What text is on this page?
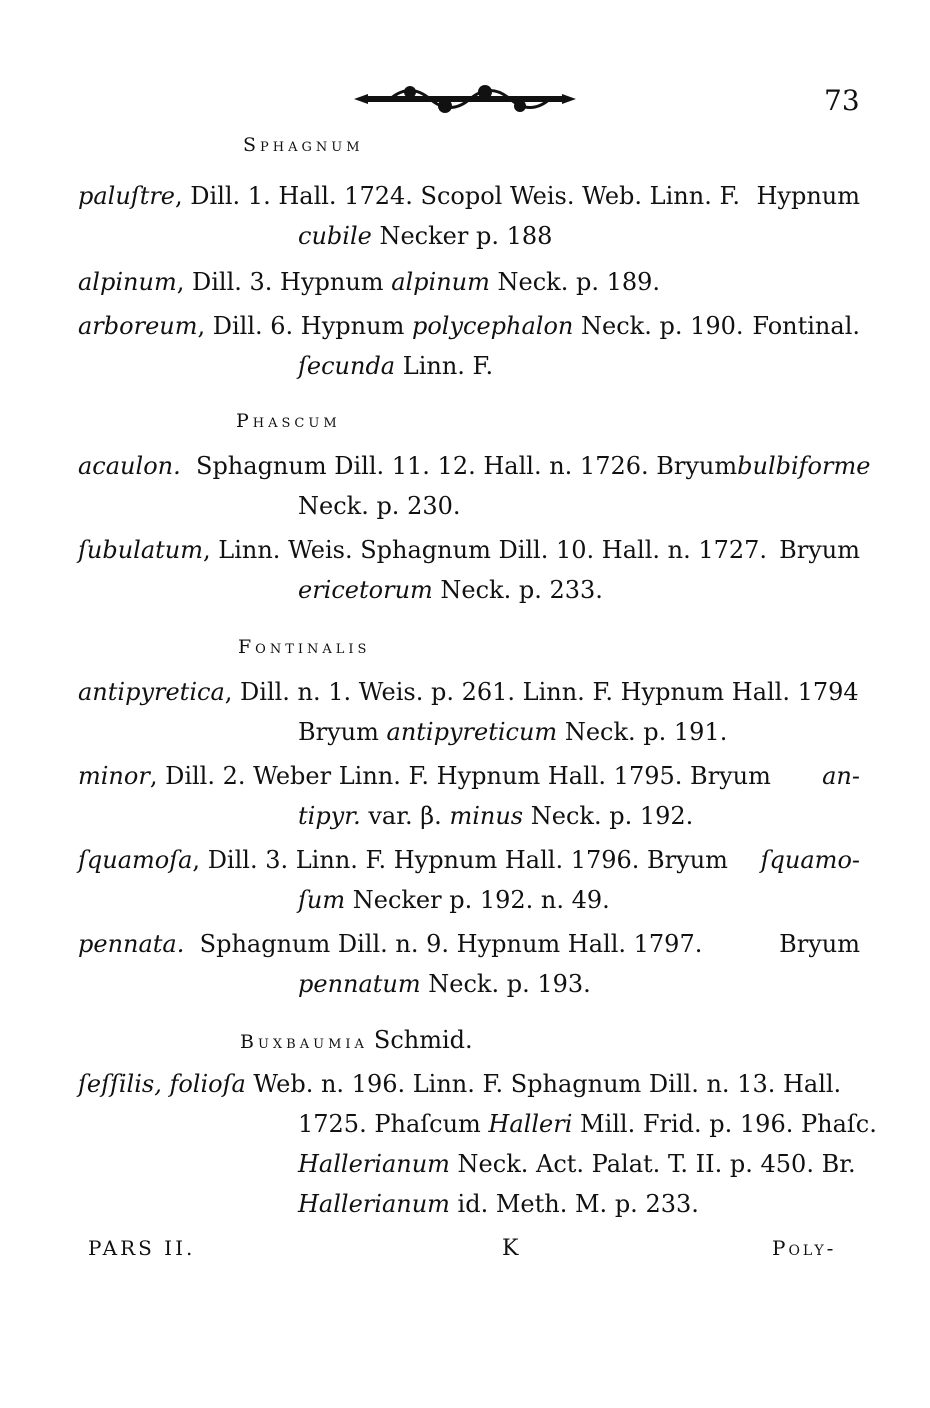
73
Sphagnum
paluſtre, Dill. 1. Hall. 1724. Scopol Weis. Web. Linn. F. Hypnum
cubile Necker p. 188
alpinum, Dill. 3. Hypnum alpinum Neck. p. 189.
arboreum, Dill. 6. Hypnum polycephalon Neck. p. 190. Fontinal.
ſecunda Linn. F.
Phascum
acaulon. Sphagnum Dill. 11. 12. Hall. n. 1726. Bryum bulbiforme
Neck. p. 230.
ſubulatum, Linn. Weis. Sphagnum Dill. 10. Hall. n. 1727. Bryum
ericetorum Neck. p. 233.
Fontinalis
antipyretica, Dill. n. 1. Weis. p. 261. Linn. F. Hypnum Hall. 1794
Bryum antipyreticum Neck. p. 191.
minor, Dill. 2. Weber Linn. F. Hypnum Hall. 1795. Bryum an-
tipyr. var. β. minus Neck. p. 192.
ſquamoſa, Dill. 3. Linn. F. Hypnum Hall. 1796. Bryum ſquamo-
ſum Necker p. 192. n. 49.
pennata. Sphagnum Dill. n. 9. Hypnum Hall. 1797.	Bryum
pennatum Neck. p. 193.
Buxbaumia Schmid.
ſeſſilis, folioſa Web. n. 196. Linn. F. Sphagnum Dill. n. 13. Hall.
1725. Phaſcum Halleri Mill. Frid. p. 196. Phaſc.
Hallerianum Neck. Act. Palat. T. II. p. 450. Br.
Hallerianum id. Meth. M. p. 233.
PARS II.	K	Poly-
